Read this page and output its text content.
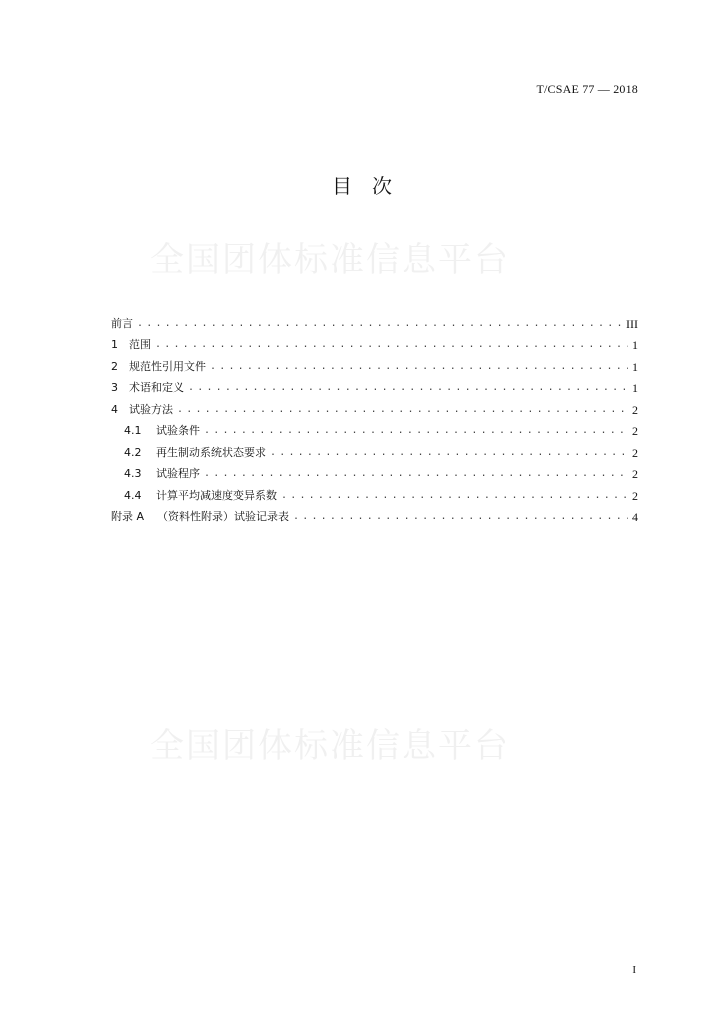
T/CSAE 77 — 2018
目　次
全国团体标准信息平台
全国团体标准信息平台
前言 .....	III
1	范围 .....	1
2	规范性引用文件 .....	1
3	术语和定义 .....	1
4	试验方法 .....	2
4.1	试验条件 .....	2
4.2	再生制动系统状态要求 .....	2
4.3	试验程序 .....	2
4.4	计算平均减速度变异系数 .....	2
附录 A	（资料性附录）试验记录表 .....	4
I
